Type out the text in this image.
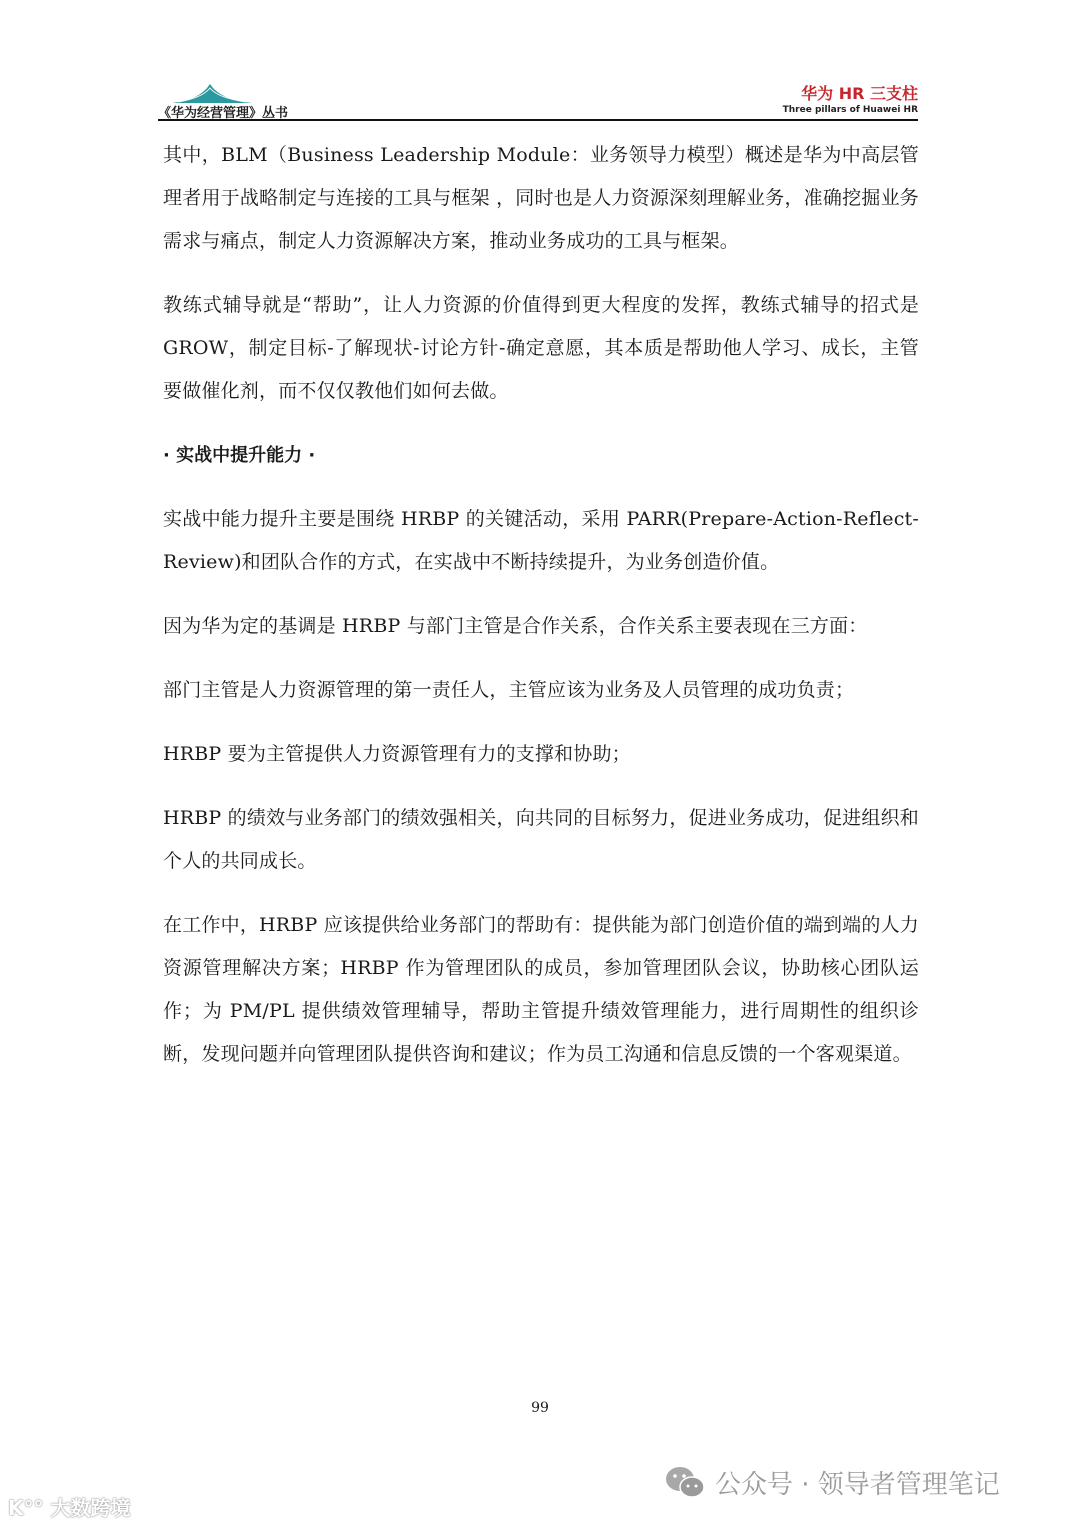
《华为经营管理》丛书
华为 HR 三支柱
Three pillars of Huawei HR

其中，BLM（Business Leadership Module：业务领导力模型）概述是华为中高层管理者用于战略制定与连接的工具与框架 ，同时也是人力资源深刻理解业务，准确挖掘业务需求与痛点，制定人力资源解决方案，推动业务成功的工具与框架。

教练式辅导就是“帮助”，让人力资源的价值得到更大程度的发挥，教练式辅导的招式是 GROW，制定目标-了解现状-讨论方针-确定意愿，其本质是帮助他人学习、成长，主管要做催化剂，而不仅仅教他们如何去做。

· 实战中提升能力 ·

实战中能力提升主要是围绕 HRBP 的关键活动，采用 PARR(Prepare-Action-Reflect-Review)和团队合作的方式，在实战中不断持续提升，为业务创造价值。

因为华为定的基调是 HRBP 与部门主管是合作关系，合作关系主要表现在三方面：

部门主管是人力资源管理的第一责任人，主管应该为业务及人员管理的成功负责；

HRBP 要为主管提供人力资源管理有力的支撑和协助；

HRBP 的绩效与业务部门的绩效强相关，向共同的目标努力，促进业务成功，促进组织和个人的共同成长。

在工作中，HRBP 应该提供给业务部门的帮助有：提供能为部门创造价值的端到端的人力资源管理解决方案；HRBP 作为管理团队的成员，参加管理团队会议，协助核心团队运作；为 PM/PL 提供绩效管理辅导，帮助主管提升绩效管理能力，进行周期性的组织诊断，发现问题并向管理团队提供咨询和建议；作为员工沟通和信息反馈的一个客观渠道。

99
K°° 大数跨境
公众号 · 领导者管理笔记
